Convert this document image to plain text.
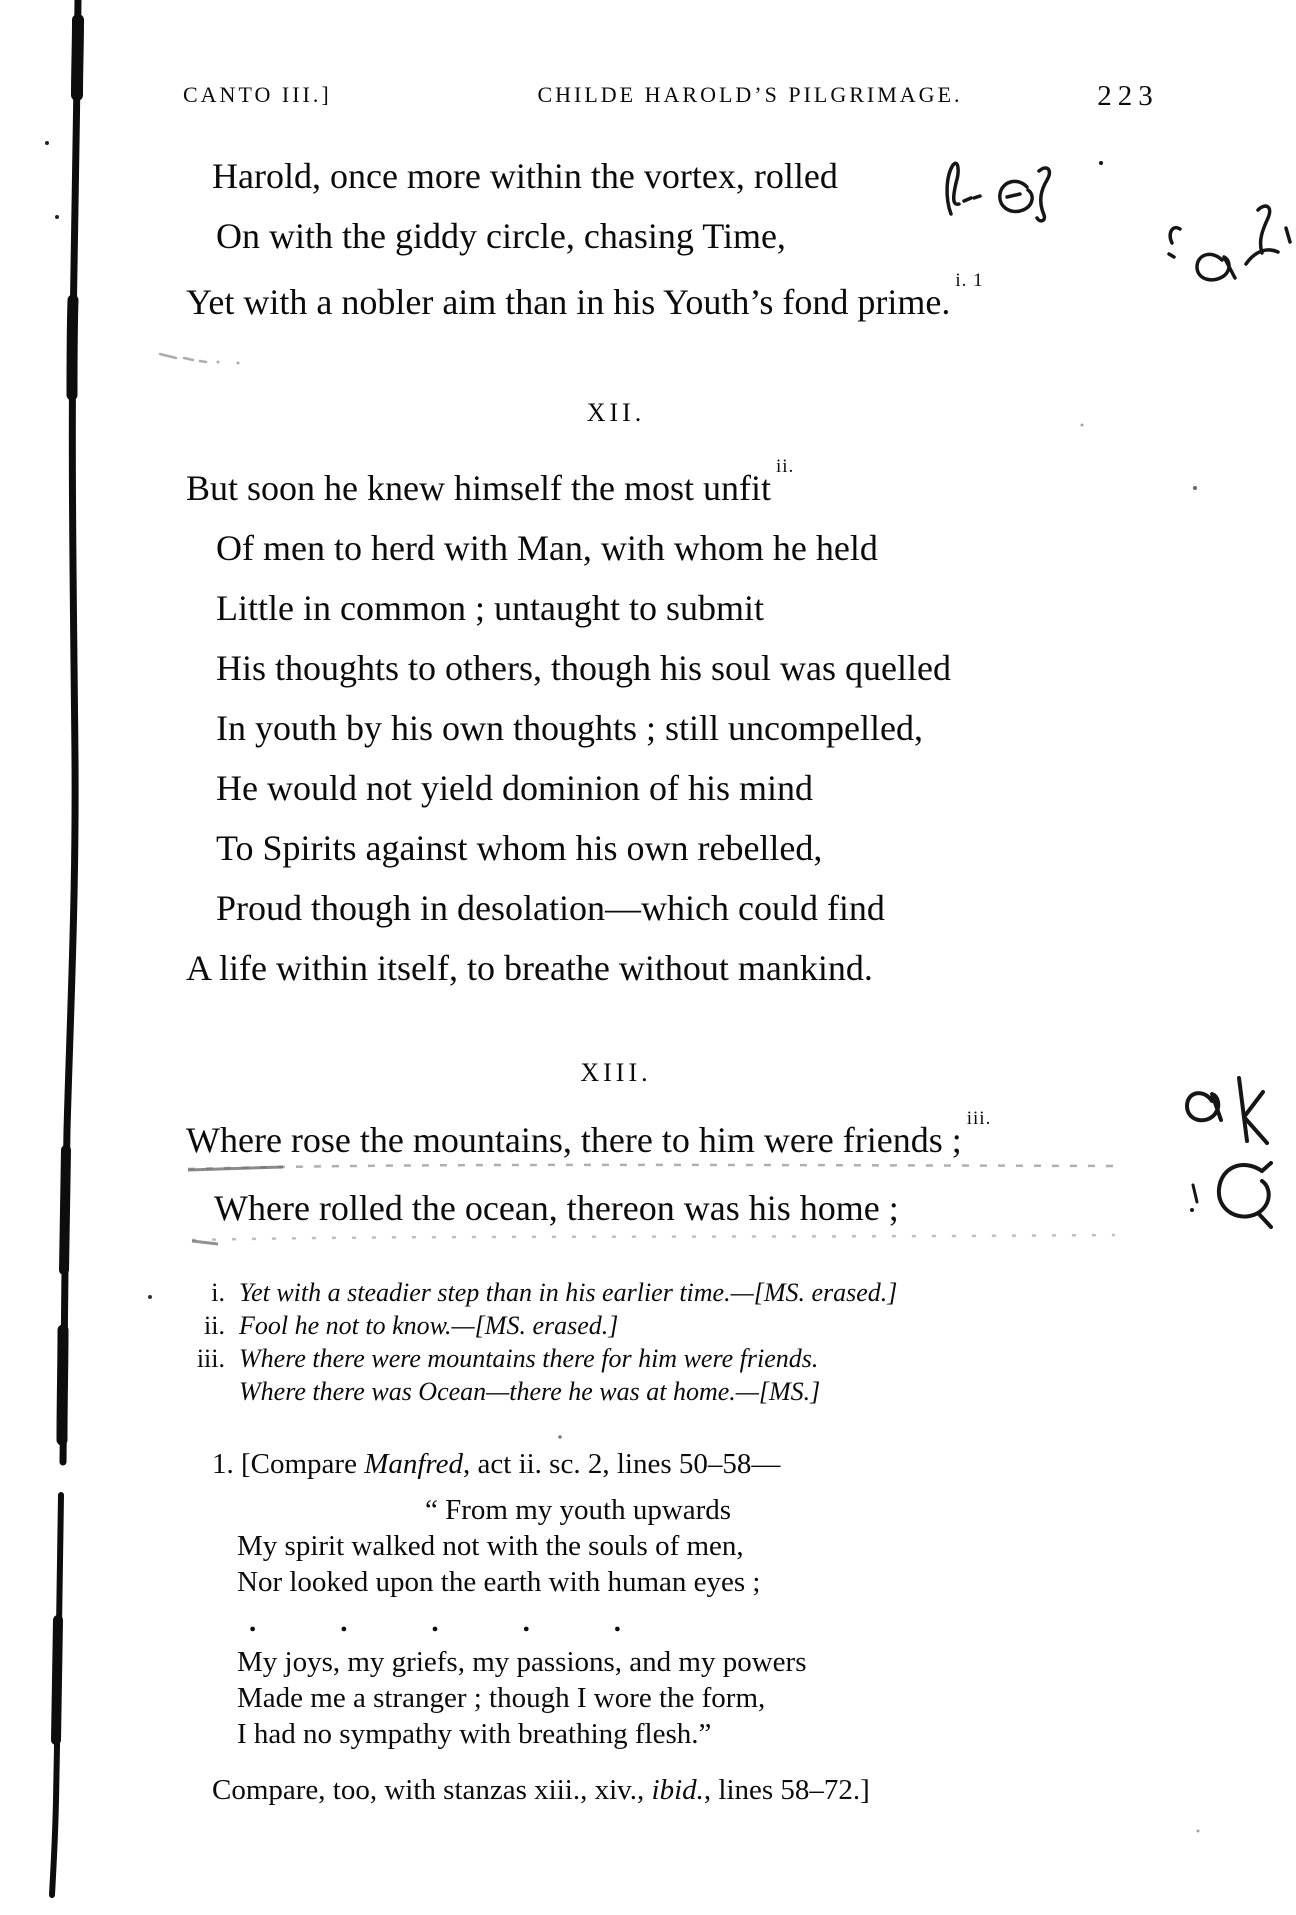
CANTO III.]	CHILDE HAROLD’S PILGRIMAGE.	223
Harold, once more within the vortex, rolled
On with the giddy circle, chasing Time,
Yet with a nobler aim than in his Youth’s fond prime.$^{i. 1}$
XII.
But soon he knew himself the most unfit$^{ii.}$
Of men to herd with Man, with whom he held
Little in common ; untaught to submit
His thoughts to others, though his soul was quelled
In youth by his own thoughts ; still uncompelled,
He would not yield dominion of his mind
To Spirits against whom his own rebelled,
Proud though in desolation—which could find
A life within itself, to breathe without mankind.
XIII.
Where rose the mountains, there to him were friends ;$^{iii.}$
Where rolled the ocean, thereon was his home ;
i. Yet with a steadier step than in his earlier time.—[MS. erased.]
ii. Fool he not to know.—[MS. erased.]
iii. Where there were mountains there for him were friends.
Where there was Ocean—there he was at home.—[MS.]
1. [Compare Manfred, act ii. sc. 2, lines 50–58—
“ From my youth upwards
My spirit walked not with the souls of men,
Nor looked upon the earth with human eyes ;
.	.	.	.	.
My joys, my griefs, my passions, and my powers
Made me a stranger ; though I wore the form,
I had no sympathy with breathing flesh.”
Compare, too, with stanzas xiii., xiv., ibid., lines 58–72.]
